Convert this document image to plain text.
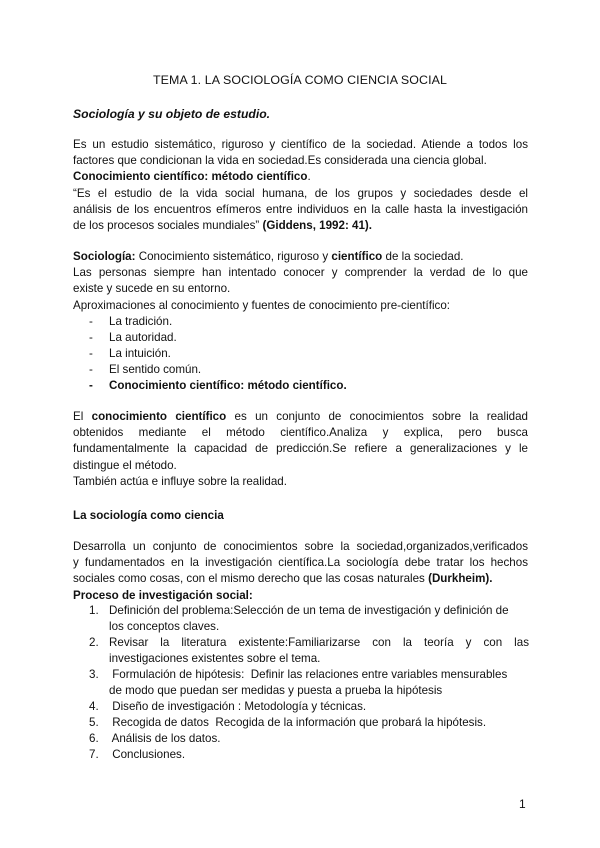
TEMA 1. LA SOCIOLOGÍA COMO CIENCIA SOCIAL
Sociología y su objeto de estudio.
Es un estudio sistemático, riguroso y científico de la sociedad. Atiende a todos los
factores que condicionan la vida en sociedad.Es considerada una ciencia global.
Conocimiento científico: método científico.
“Es el estudio de la vida social humana, de los grupos y sociedades desde el
análisis de los encuentros efímeros entre individuos en la calle hasta la investigación
de los procesos sociales mundiales” (Giddens, 1992: 41).
Sociología: Conocimiento sistemático, riguroso y científico de la sociedad.
Las personas siempre han intentado conocer y comprender la verdad de lo que
existe y sucede en su entorno.
Aproximaciones al conocimiento y fuentes de conocimiento pre-científico:
- La tradición.
- La autoridad.
- La intuición.
- El sentido común.
- Conocimiento científico: método científico.
El conocimiento científico es un conjunto de conocimientos sobre la realidad
obtenidos mediante el método científico.Analiza y explica, pero busca
fundamentalmente la capacidad de predicción.Se refiere a generalizaciones y le
distingue el método.
También actúa e influye sobre la realidad.
La sociología como ciencia
Desarrolla un conjunto de conocimientos sobre la sociedad,organizados,verificados
y fundamentados en la investigación científica.La sociología debe tratar los hechos
sociales como cosas, con el mismo derecho que las cosas naturales (Durkheim).
Proceso de investigación social:
1. Definición del problema:Selección de un tema de investigación y definición de
los conceptos claves.
2. Revisar la literatura existente:Familiarizarse con la teoría y con las
investigaciones existentes sobre el tema.
3. Formulación de hipótesis:  Definir las relaciones entre variables mensurables
de modo que puedan ser medidas y puesta a prueba la hipótesis
4. Diseño de investigación : Metodología y técnicas.
5. Recogida de datos  Recogida de la información que probará la hipótesis.
6. Análisis de los datos.
7. Conclusiones.
1
